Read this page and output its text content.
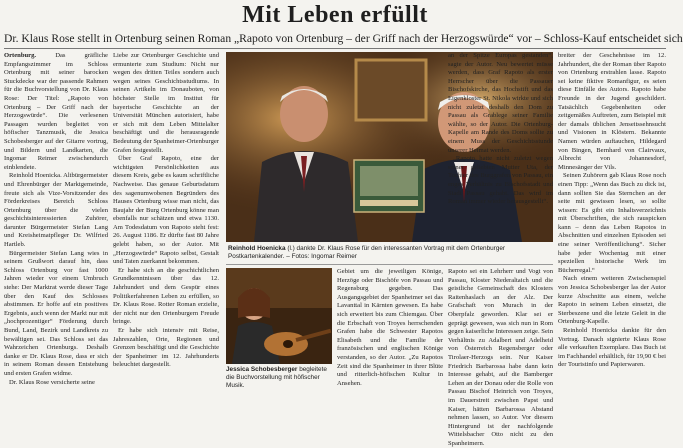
Mit Leben erfüllt
Dr. Klaus Rose stellt in Ortenburg seinen Roman „Rapoto von Ortenburg – der Griff nach der Herzogswürde“ vor – Schloss-Kauf entscheidet sich

Ortenburg.	Das gräfliche Empfangszimmer im Schloss Ortenburg mit seiner barocken Stuckdecke war der passende Rahmen für die Buchvorstellung von Dr. Klaus Rose: Der Titel: „Rapoto von Ortenburg – Der Griff nach der Herzogswürde“. Die verlesenen Passagen wurden begleitet von höfischer Tanzmusik, die Jessica Schobesberger auf der Gitarre vortrug, und Bildern und Landkarten, die Ingomar Reimer zwischendurch einblendete.

Reinhold Hoenicka. Altbürgermeister und Ehrenbürger der Marktgemeinde, freute sich als Vize-Vorsitzender des Förderkreises Bereich Schloss Ortenburg über die vielen geschichtsinteressierten Zuhörer, darunter Bürgermeister Stefan Lang und Kreisheimatpfleger Dr. Wilfried Hartleb.

Bürgermeister Stefan Lang wies in seinem Grußwort darauf hin, dass Schloss Ortenburg vor fast 1000 Jahren wieder vor einem Umbruch stehe: Der Marktrat werde dieser Tage über den Kauf des Schlosses abstimmen. Er hoffe auf ein positives Ergebnis, auch wenn der Markt nur mit „hochprozentiger“ Förderung durch Bund, Land, Bezirk und Landkreis zu bewältigen sei. Das Schloss sei das Wahrzeichen Ortenburgs. Deshalb danke er Dr. Klaus Rose, dass er sich in seinem Roman dessen Entstehung und ersten Grafen widme.

Dr. Klaus Rose versicherte seine

Liebe zur Ortenburger Geschichte und ermunterte zum Studium: Nicht nur wegen des dritten Teiles sondern auch wegen seines Geschichtsstudiums. In seinen Artikeln im Donauboten, von höchster Stelle im Institut für bayerische Geschichte an der Universität München autorisiert, habe er sich mit dem Leben Mittelalter beschäftigt und die herausragende Bedeutung der Spanheimer-Ortenburger Grafen festgestellt.

Über Graf Rapoto, eine der wichtigsten Persönlichkeiten aus diesem Kreis, gebe es kaum schriftliche Nachweise. Das genaue Geburtsdatum des sagenumwobenen Begründers des Hauses Ortenburg wisse man nicht, das Baujahr der Burg Ortenburg könne man ebenfalls nur schätzen und etwa 1130. Am Todesdatum von Rapoto steht fest: 26. August 1186. Er dürfte fast 80 Jahre gelebt haben, so der Autor. Mit „Herzogswürde“ Rapoto selbst, Gestalt und Taten zuerkannt bekommen.

Er habe sich an die geschichtlichen Grundkenntnissen über das 12. Jahrhundert und dem Gespür eines Politikerfahrenen Leben zu erfüllen, so Dr. Klaus Rose. Rotter Roman erzielte, der nicht nur den Ortenburgern Freude bringe.

Er habe sich intensiv mit Reise, Jahreszahlen, Orte, Regionen und Grenzen beschäftigt und die Geschichte der Spanheimer im 12. Jahrhunderts beleuchtet dargestellt.

Reinhold Hoenicka (l.) dankte Dr. Klaus Rose für den interessanten Vortrag mit dem Ortenburger Postkartenkalender. – Fotos: Ingomar Reimer
Jessica Schobesberger begleitete die Buchvorstellung mit höfischer Musik.

Gebiet um die jeweiligen Könige, Herzöge oder Bischöfe von Passau und Regensburg gegeben. Das Ausgangsgebiet der Spanheimer sei das Lavanttal in Kärnten gewesen. Es habe sich erweitert bis zum Chiemgau. Über die Erbschaft von Troyes herrschenden Grafen habe die Schwester Rapotos Elisabeth und die Familie der französischen und englischen Könige verstanden, so der Autor. „Zu Rapotos Zeit sind die Spanheimer in ihrer Blüte und ritterlich-höfischen Kultur in Ansehen.

an der Spitze Europas gestanden“, sagte der Autor. Neu bewertet müsse werden, dass Graf Rapoto als erster Herrscher über die Passauer Bischofskirche, das Hochstift und das Eigenkloster St. Nikola wirkte und sich nicht zuletzt deshalb den Dom zu Passau als Grablege seiner Familie wählte, so der Autor. Die Ortenburg-Kapelle am Rande des Doms sollte zu einem Muss der Geschichtsstunde unserer Heimat werden.

„Rapoto hatte nicht zuletzt wegen seiner geliebten Mutter Uta, der Tochter des Burggrafen von Passau, ein enges Verhältnis zu Bischofsstadt und Stadt Passau gehabt. Das wird im Roman immer wieder herausgestellt“.

breiter der Geschehnisse im 12. Jahrhundert, die der Roman über Rapoto von Ortenburg erstrahlen lasse. Rapoto sei keine fiktive Romanfigur, es seien diese Einfälle des Autors. Rapoto habe Freunde in der Jugend geschildert. Tatsächlich Gegebenheiten oder zeitgemäßes Auftreten, zum Beispiel mit der damals üblichen Jenseitssehnsucht und Visionen in Klöstern. Bekannte Namen würden auftauchen, Hildegard von Bingen, Bernhard von Clairvaux, Albrecht von Johannesdorf, Minnesänger der Vils.

Seinen Zuhörern gab Klaus Rose noch einen Tipp: „Wenn das Buch zu dick ist, dann sollten Sie das Sternchen an der seite mit gewissen lesen, so sollte wissen: Es gibt ein Inhaltsverzeichnis mit Überschriften, die sich rauspicken kann – denn das Leben Rapotos in Abschnitten und einzelnen Episoden sei eine seiner Veröffentlichung“. Sicher habe jeder Wochentag mit einer speziellen historische Werk im Bücherregal.“

Nach einem weiteren Zwischenspiel von Jessica Schobesberger las der Autor kurze Abschnitte aus einem, welche Rapoto in seinem Leben einsetzt, die Sterbeszene und die letzte Geleit in die Ortenburg-Kapelle.

Reinhold Hoenicka dankte für den Vortrag. Danach signierte Klaus Rose alle verkauften Exemplare. Das Buch ist im Fachhandel erhältlich, für 19,90 € bei der Touristinfo und Papierwaren.

Rapoto sei ein Lehrherr und Vogt von Passau, Kloster Niederaltaich und die geistliche Gemeinschaft des Klosters Raitenhaslach an der Alz. Der Grafschaft von Murach in der Oberpfalz geworden. Klar sei er geprägt gewesen, was sich nun in Rom gegen kaiserliche Interessen zeige. Sein Verhältnis zu Adalbert und Adelheid von Österreich Regensberger oder Tirolaer-Herzogs sein. Nur Kaiser Friedrich Barbarossa habe dann kein Interesse gehabt, auf die Bamberger Lehen an der Donau oder die Rolle von Passau Bischof Heinrich von Troyes, im Dauerstreit zwischen Papst und Kaiser, hätten Barbarossa Abstand nehmen lassen, so Autor. Vor diesem Hintergrund ist der nachfolgende Wittelsbacher Otto nicht zu den Spanheimern.
